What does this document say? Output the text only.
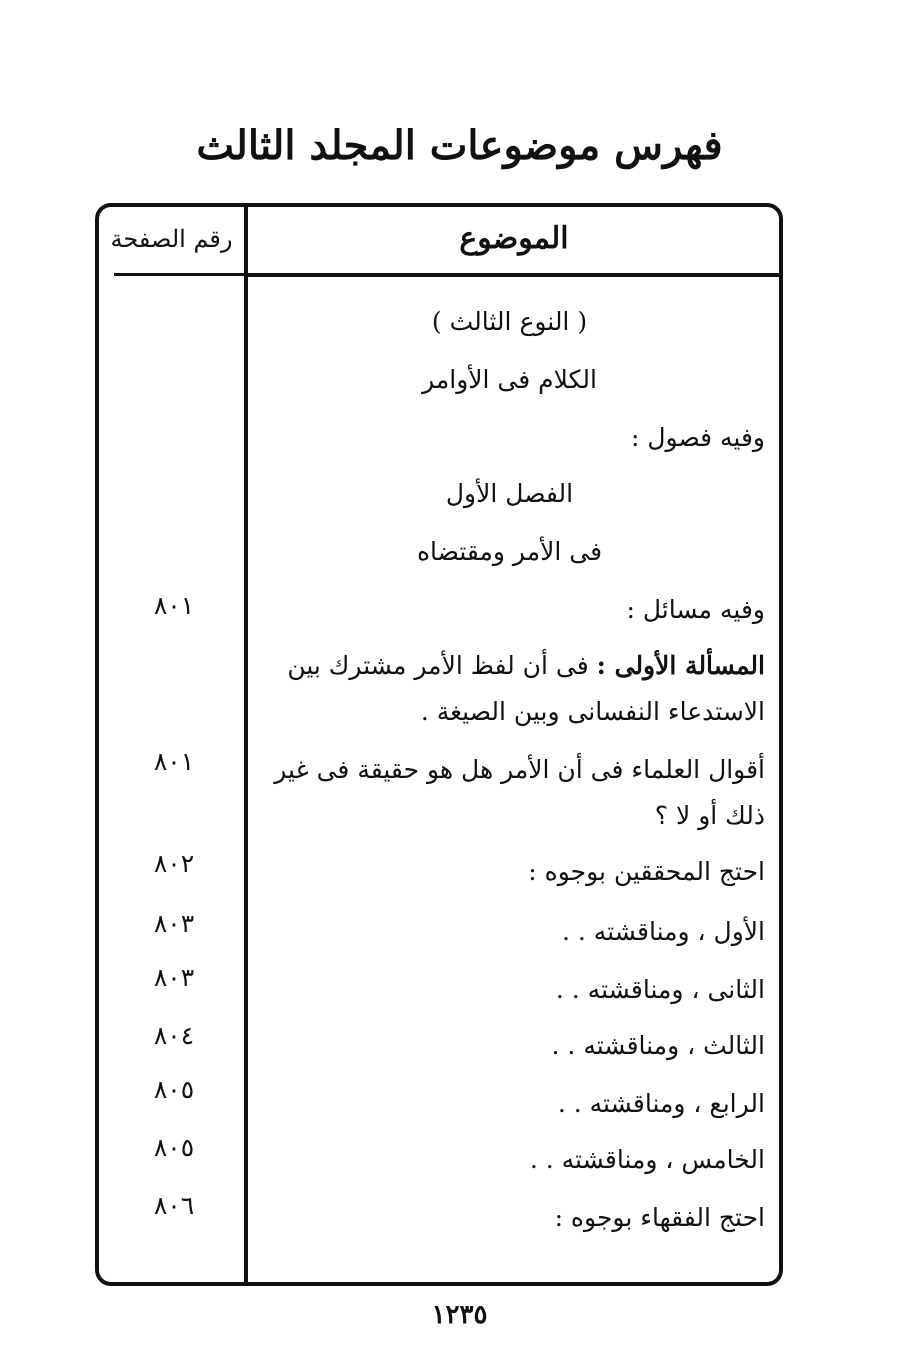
فهرس موضوعات المجلد الثالث
الموضوع
رقم الصفحة
( النوع الثالث )
الكلام فى الأوامر
وفيه فصول :
الفصل الأول
فى الأمر ومقتضاه
وفيه مسائل :
٨٠١
المسألة الأولى : فى أن لفظ الأمر مشترك بين الاستدعاء النفسانى وبين الصيغة .
أقوال العلماء فى أن الأمر هل هو حقيقة فى غير ذلك أو لا ؟
٨٠١
احتج المحققين بوجوه :
٨٠٢
الأول ، ومناقشته . .
٨٠٣
الثانى ، ومناقشته . .
٨٠٣
الثالث ، ومناقشته . .
٨٠٤
الرابع ، ومناقشته . .
٨٠٥
الخامس ، ومناقشته . .
٨٠٥
احتج الفقهاء بوجوه :
٨٠٦
١٢٣٥
